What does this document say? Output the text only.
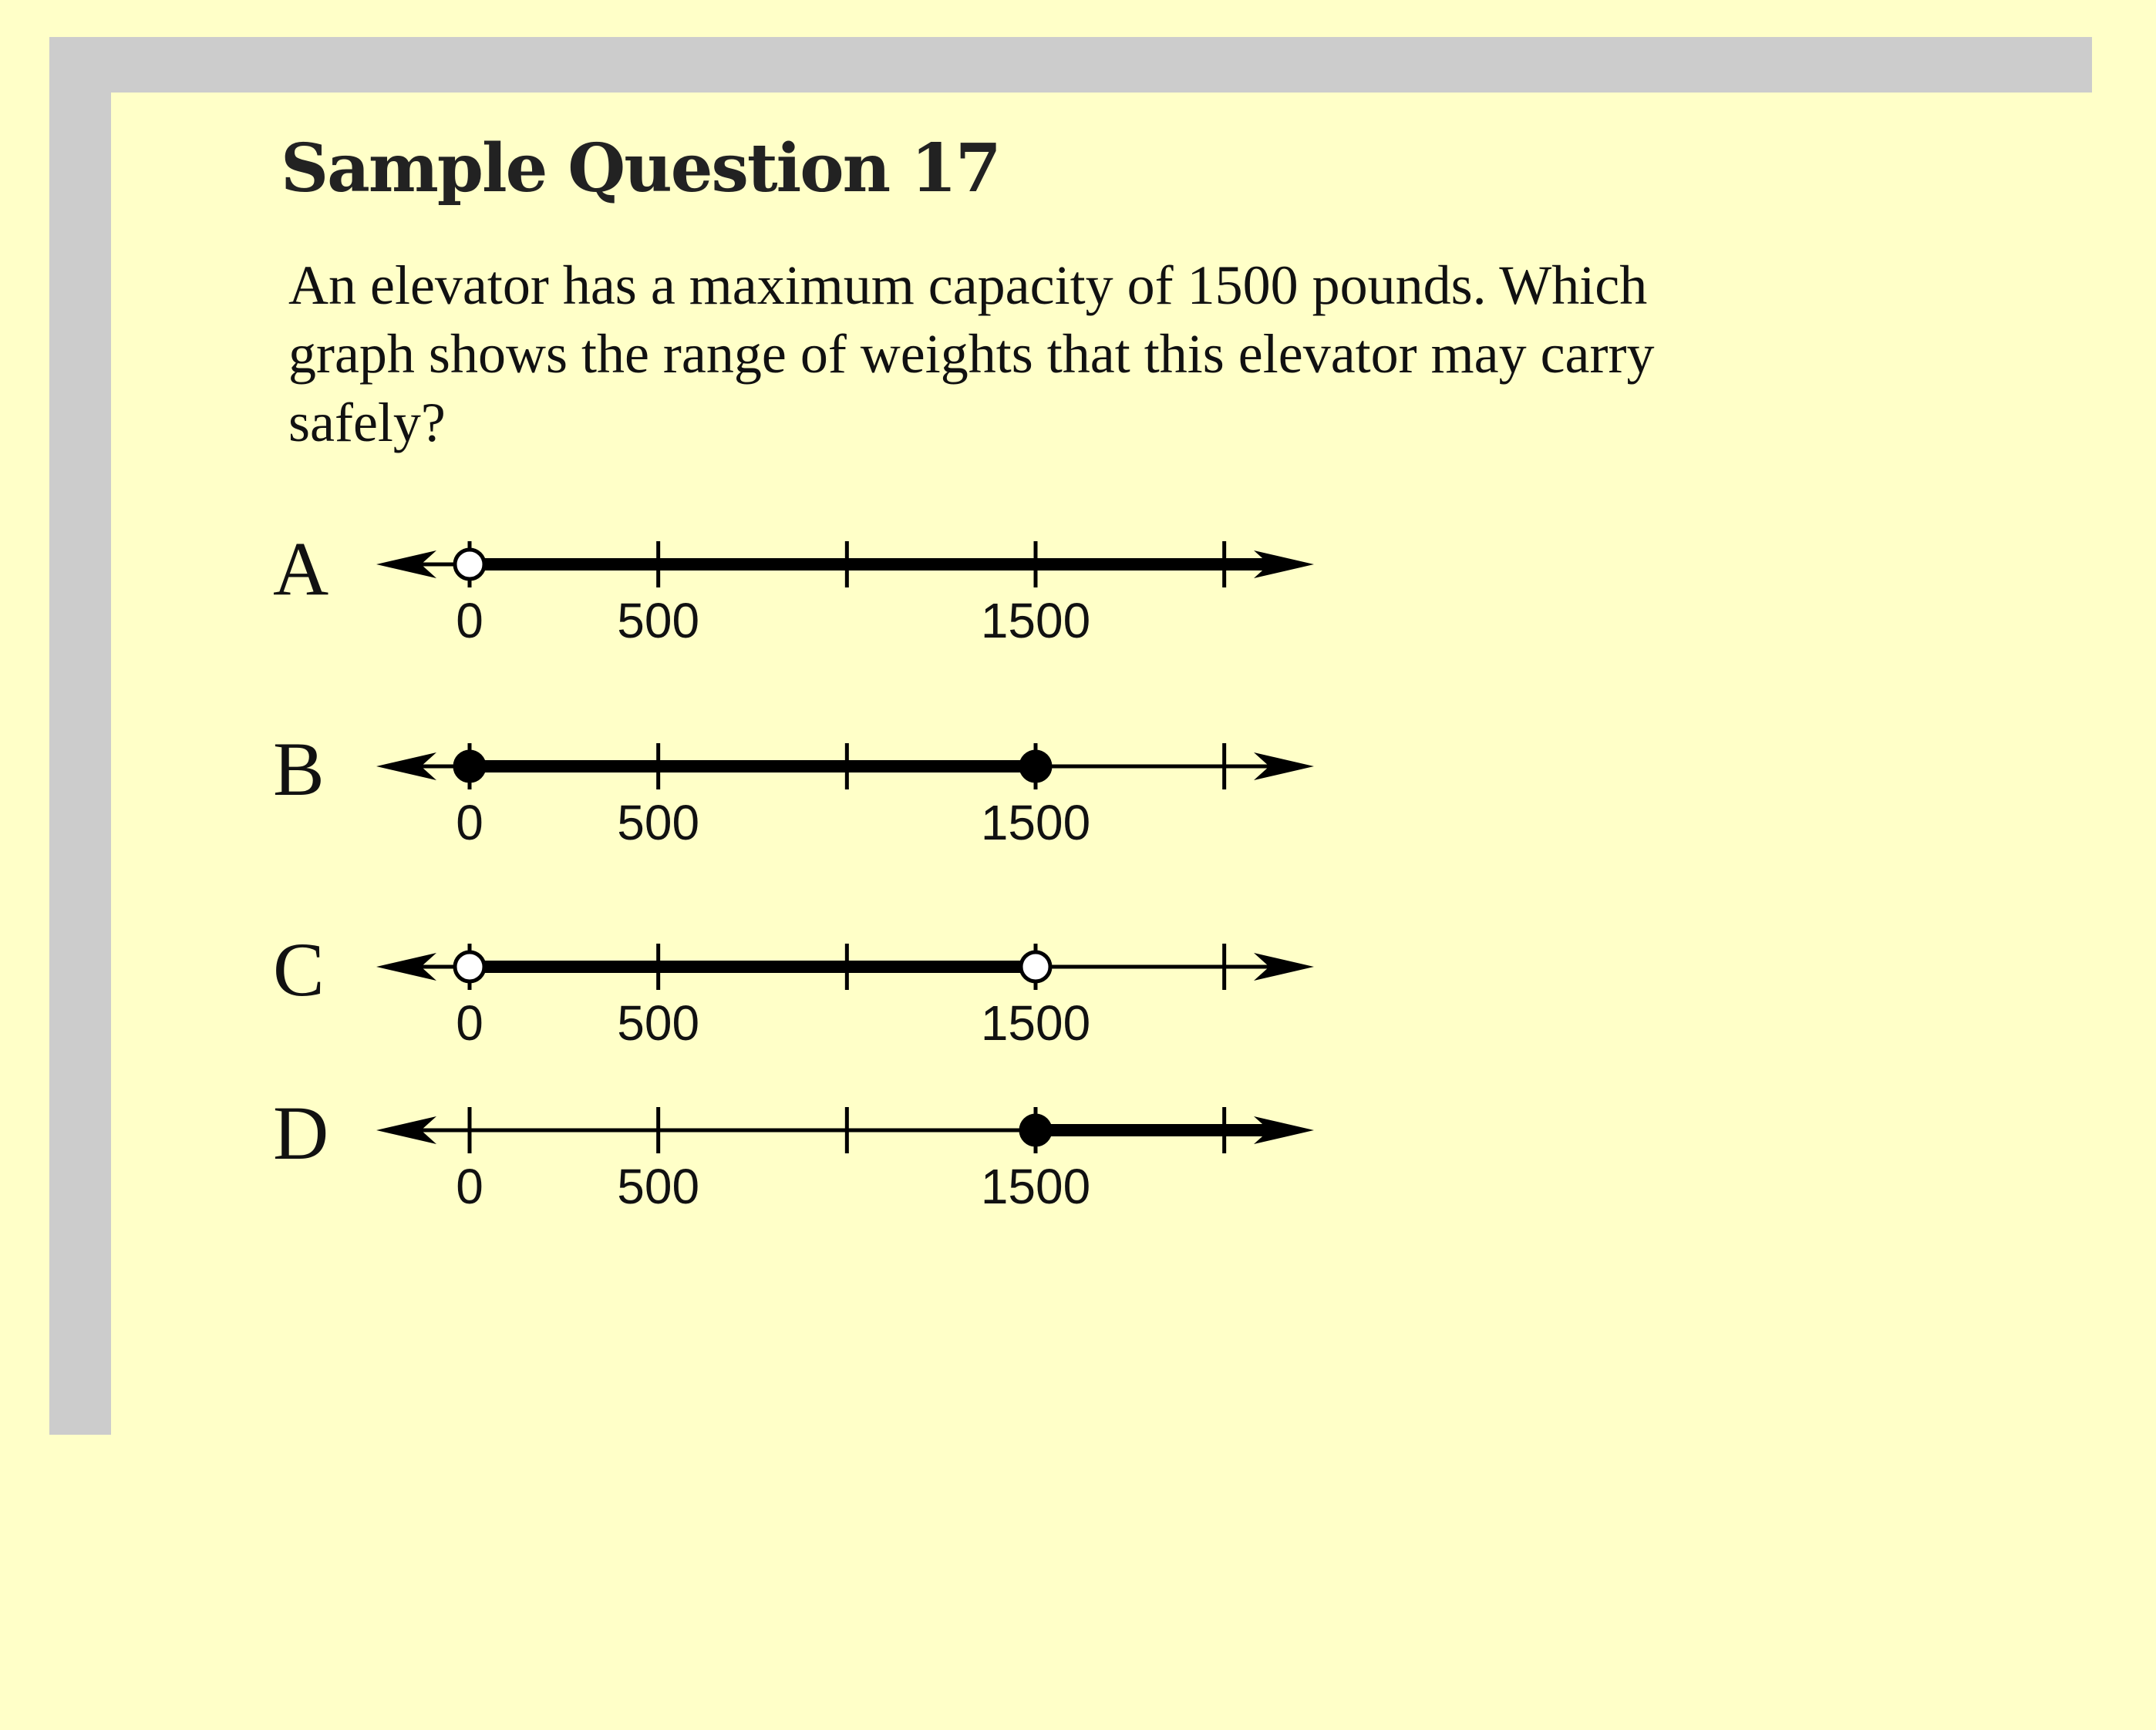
Sample Question 17

An elevator has a maximum capacity of 1500 pounds. Which graph shows the range of weights that this elevator may carry safely?

A
B
C
D
0	500	1500
0	500	1500
0	500	1500
0	500	1500
